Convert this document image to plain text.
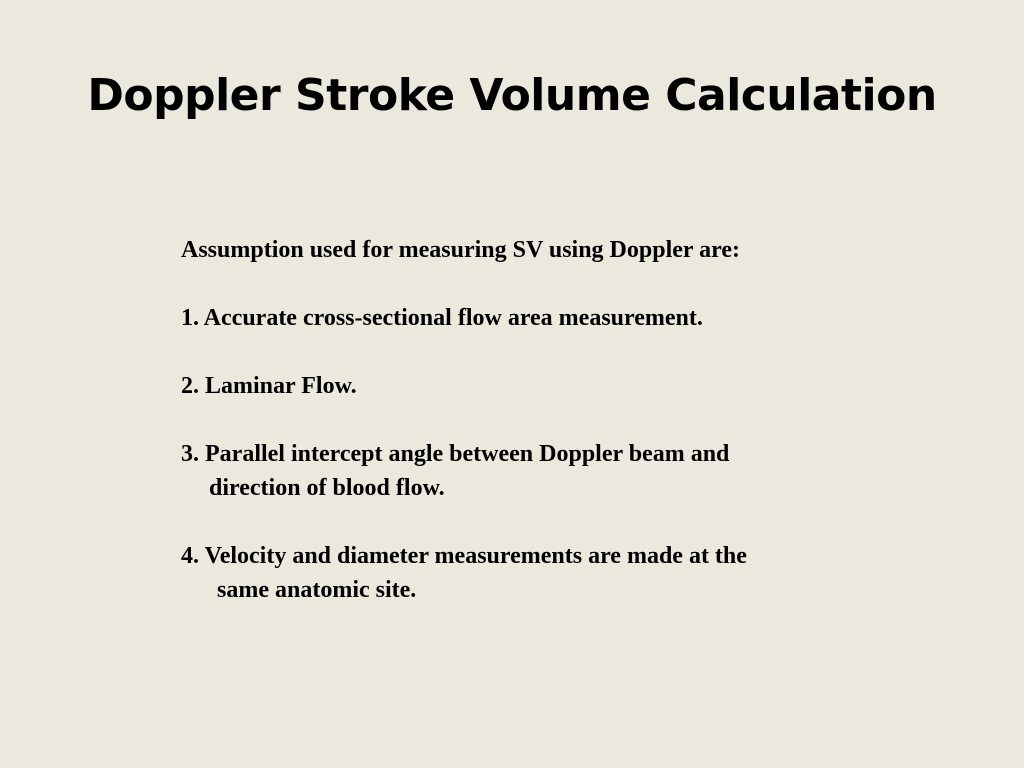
Doppler Stroke Volume Calculation

Assumption used for measuring SV using Doppler are:

1. Accurate cross-sectional flow area measurement.

2. Laminar Flow.

3. Parallel intercept angle between Doppler beam and

direction of blood flow.

4. Velocity and diameter measurements are made at the

same anatomic site.
